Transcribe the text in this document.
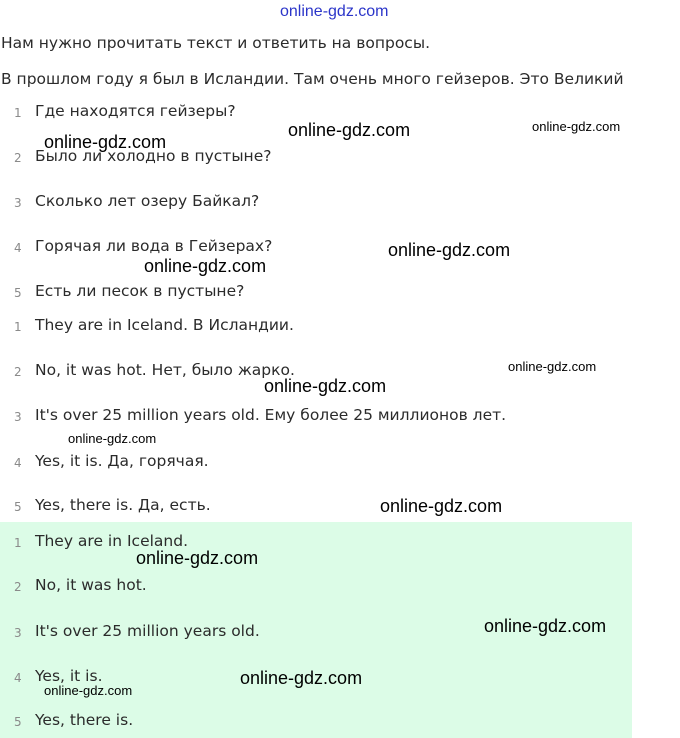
online-gdz.com
Нам нужно прочитать текст и ответить на вопросы.
В прошлом году я был в Исландии. Там очень много гейзеров. Это Великий
1 Где находятся гейзеры?
2 Было ли холодно в пустыне?
3 Сколько лет озеру Байкал?
4 Горячая ли вода в Гейзерах?
5 Есть ли песок в пустыне?
1 They are in Iceland. В Исландии.
2 No, it was hot. Нет, было жарко.
3 It's over 25 million years old. Ему более 25 миллионов лет.
4 Yes, it is. Да, горячая.
5 Yes, there is. Да, есть.
1 They are in Iceland.
2 No, it was hot.
3 It's over 25 million years old.
4 Yes, it is.
5 Yes, there is.
online-gdz.com
online-gdz.com	online-gdz.com
online-gdz.com
online-gdz.com
online-gdz.com
online-gdz.com
online-gdz.com
online-gdz.com
online-gdz.com
online-gdz.com
online-gdz.com
online-gdz.com
